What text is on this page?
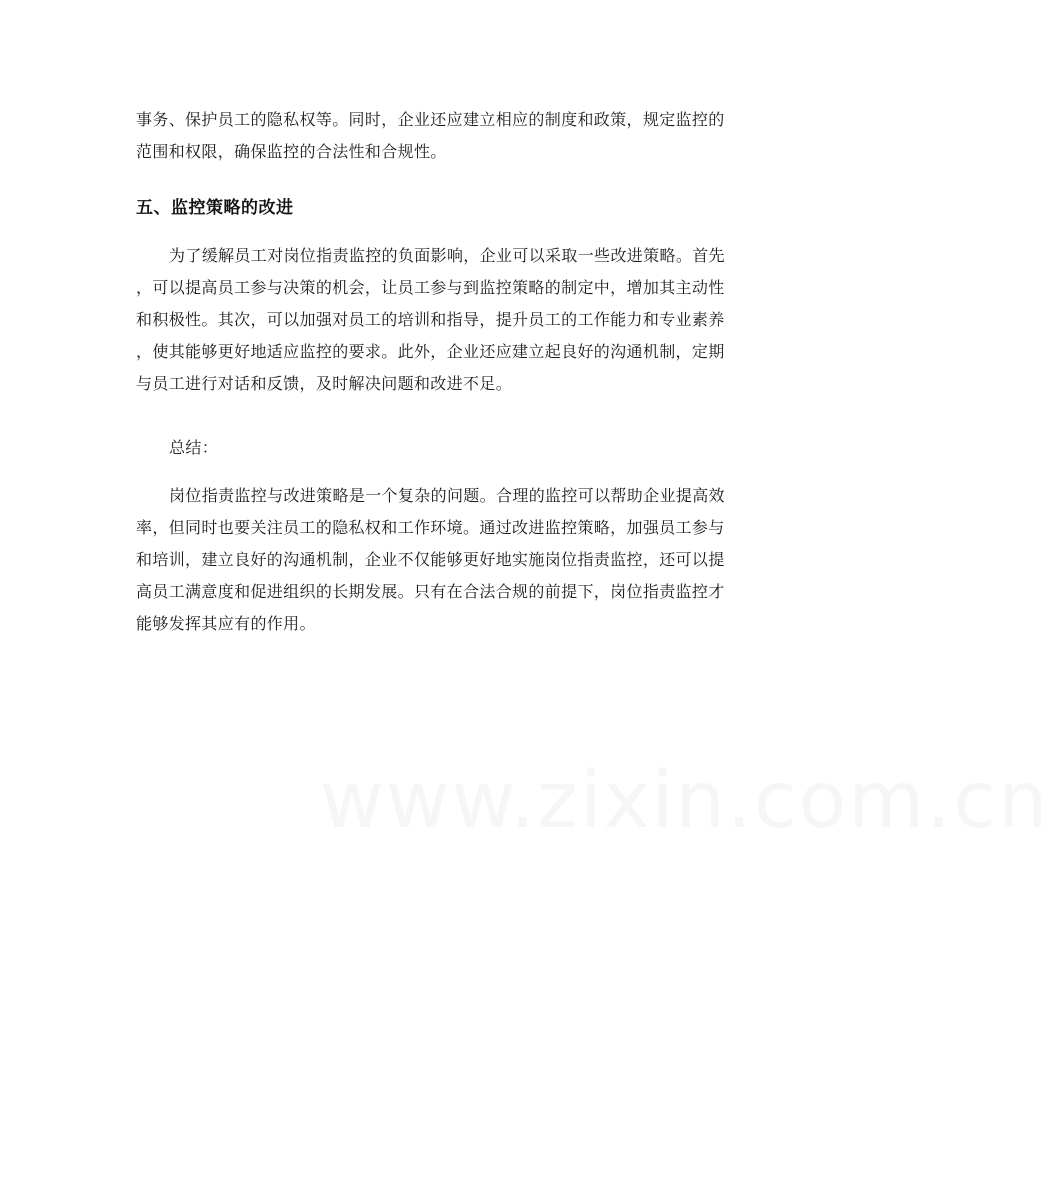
事务、保护员工的隐私权等。同时，企业还应建立相应的制度和政策，规定监控的
范围和权限，确保监控的合法性和合规性。

五、监控策略的改进

为了缓解员工对岗位指责监控的负面影响，企业可以采取一些改进策略。首先
，可以提高员工参与决策的机会，让员工参与到监控策略的制定中，增加其主动性
和积极性。其次，可以加强对员工的培训和指导，提升员工的工作能力和专业素养
，使其能够更好地适应监控的要求。此外，企业还应建立起良好的沟通机制，定期
与员工进行对话和反馈，及时解决问题和改进不足。

总结：

岗位指责监控与改进策略是一个复杂的问题。合理的监控可以帮助企业提高效
率，但同时也要关注员工的隐私权和工作环境。通过改进监控策略，加强员工参与
和培训，建立良好的沟通机制，企业不仅能够更好地实施岗位指责监控，还可以提
高员工满意度和促进组织的长期发展。只有在合法合规的前提下，岗位指责监控才
能够发挥其应有的作用。

www.zixin.com.cn
